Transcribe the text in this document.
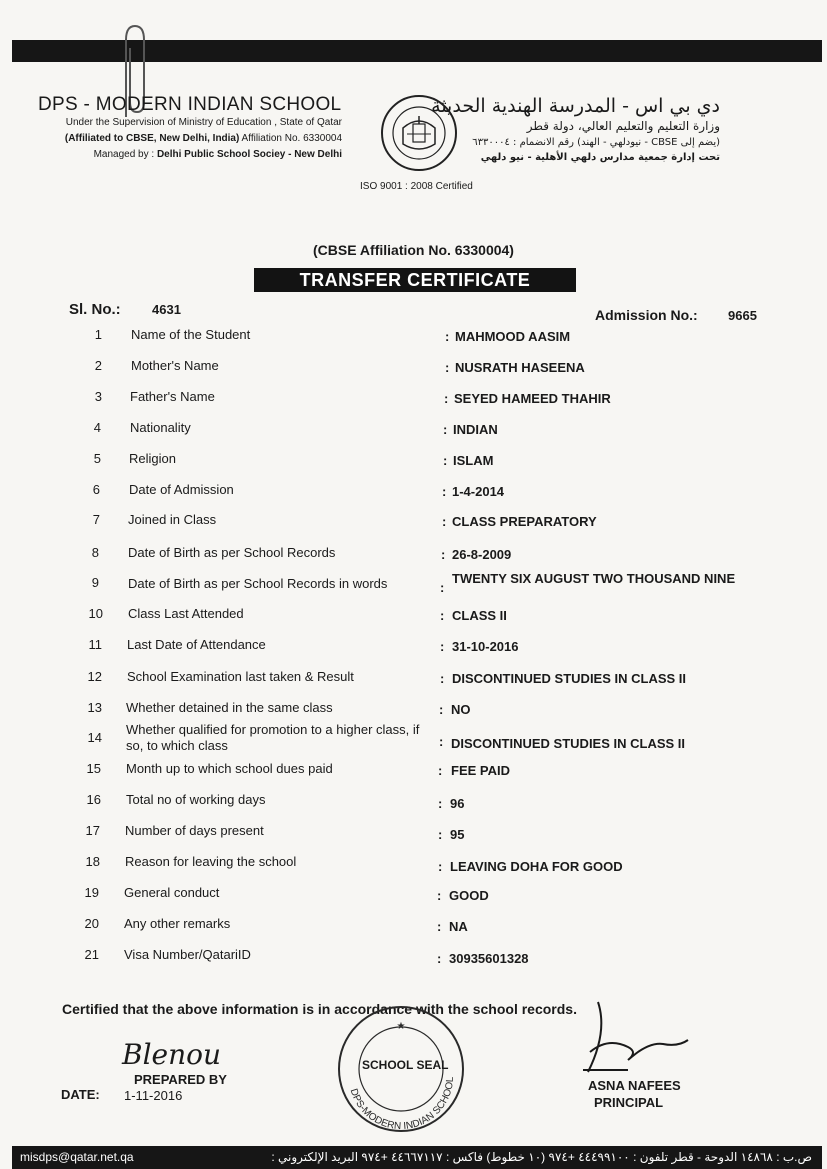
DPS - MODERN INDIAN SCHOOL
Under the Supervision of Ministry of Education , State of Qatar
(Affiliated to CBSE, New Delhi, India) Affiliation No. 6330004
Managed by : Delhi Public School Sociey - New Delhi
دي بي اس - المدرسة الهندية الحديثة
وزارة التعليم والتعليم العالي، دولة قطر
(يضم إلى CBSE - نيودلهي - الهند) رقم الانضمام : ٦٣٣٠٠٠٤
تحت إدارة جمعية مدارس دلهي الأهلية - نيو دلهي
ISO 9001 : 2008 Certified
(CBSE Affiliation No. 6330004)
TRANSFER CERTIFICATE
Sl. No.: 4631	Admission No.: 9665
1 Name of the Student	: MAHMOOD AASIM
2 Mother's Name	: NUSRATH HASEENA
3 Father's Name	: SEYED HAMEED THAHIR
4 Nationality	: INDIAN
5 Religion	: ISLAM
6 Date of Admission	: 1-4-2014
7 Joined in Class	: CLASS PREPARATORY
8 Date of Birth as per School Records	: 26-8-2009
9 Date of Birth as per School Records in words	:
TWENTY SIX AUGUST TWO THOUSAND NINE
10 Class Last Attended	: CLASS II
11 Last Date of Attendance	: 31-10-2016
12 School Examination last taken & Result	: DISCONTINUED STUDIES IN CLASS II
13 Whether detained in the same class	: NO
14
Whether qualified for promotion to a higher class, if so, to which class	: DISCONTINUED STUDIES IN CLASS II
15 Month up to which school dues paid	: FEE PAID
16 Total no of working days	: 96
17 Number of days present	: 95
18 Reason for leaving the school	: LEAVING DOHA FOR GOOD
19 General conduct	: GOOD
20 Any other remarks	: NA
21 Visa Number/QatariID	: 30935601328
Certified that the above information is in accordance with the school records.
Blenou
PREPARED BY
DATE: 1-11-2016	DPS-MODERN INDIAN SCHOOL
★
SCHOOL SEAL
ASNA NAFEES
PRINCIPAL
misdps@qatar.net.qa	ص.ب : ١٤٨٦٨ الدوحة - قطر تلفون : ٤٤٤٩٩١٠٠ +٩٧٤ (١٠ خطوط) فاكس : ٤٤٦٦٧١١٧ +٩٧٤ البريد الإلكتروني :
